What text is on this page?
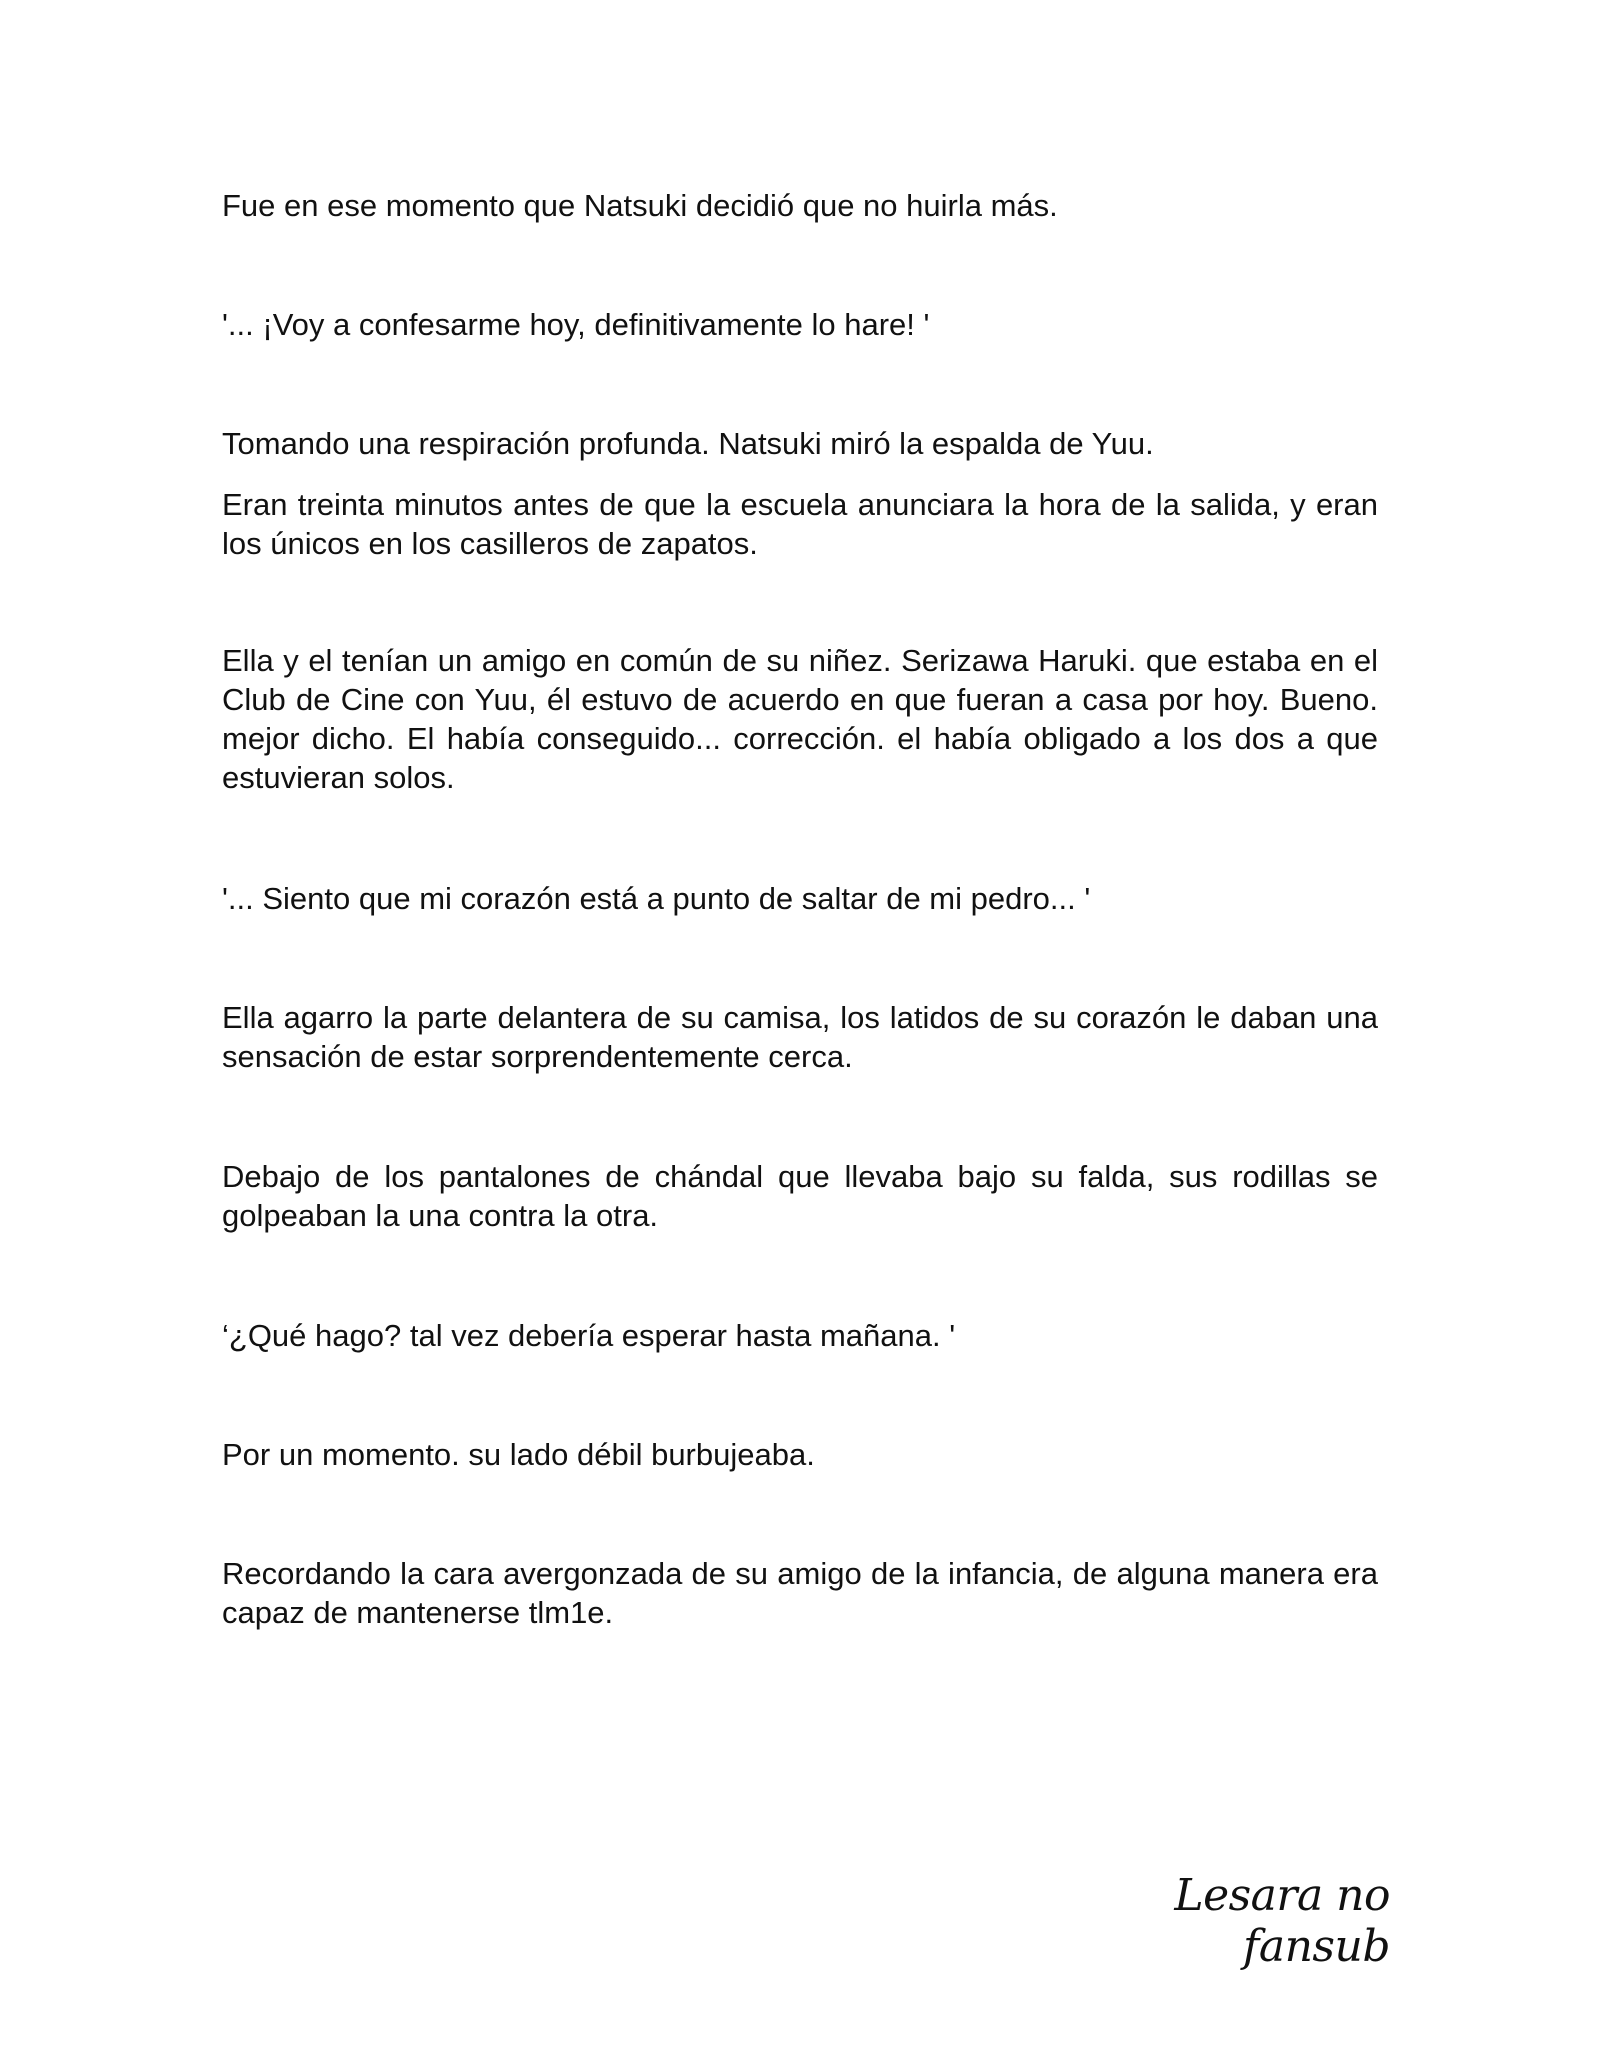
Fue en ese momento que Natsuki decidió que no huirla más.

'... ¡Voy a confesarme hoy, definitivamente lo hare! '

Tomando una respiración profunda. Natsuki miró la espalda de Yuu.

Eran treinta minutos antes de que la escuela anunciara la hora de la salida, y eran los únicos en los casilleros de zapatos.

Ella y el tenían un amigo en común de su niñez. Serizawa Haruki. que estaba en el Club de Cine con Yuu, él estuvo de acuerdo en que fueran a casa por hoy. Bueno. mejor dicho. El había conseguido... corrección. el había obligado a los dos a que estuvieran solos.

'... Siento que mi corazón está a punto de saltar de mi pedro... '

Ella agarro la parte delantera de su camisa, los latidos de su corazón le daban una sensación de estar sorprendentemente cerca.

Debajo de los pantalones de chándal que llevaba bajo su falda, sus rodillas se golpeaban la una contra la otra.

‘¿Qué hago? tal vez debería esperar hasta mañana. '

Por un momento. su lado débil burbujeaba.

Recordando la cara avergonzada de su amigo de la infancia, de alguna manera era capaz de mantenerse tlm1e.

Lesara no fansub
